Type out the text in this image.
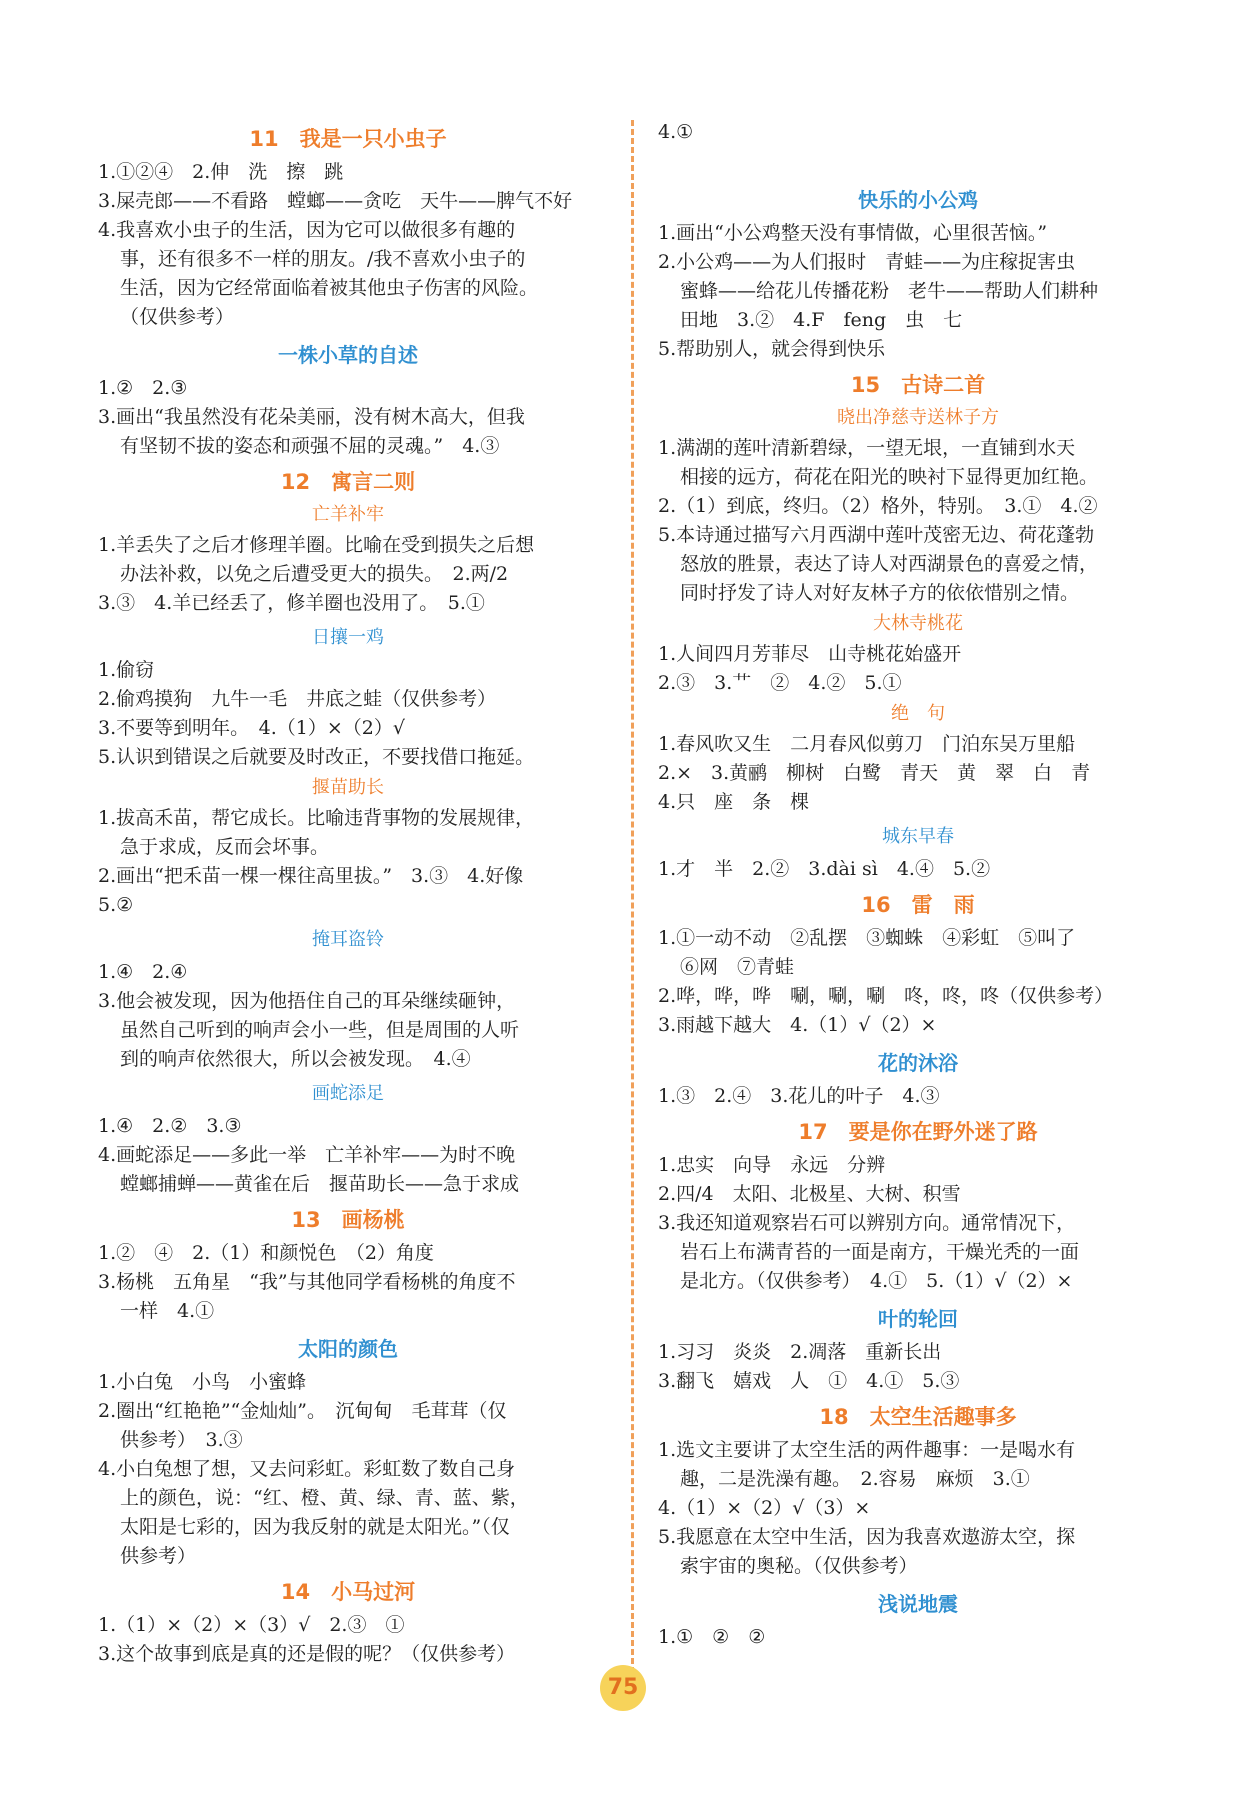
11　我是一只小虫子
1.①②④　2.伸　洗　擦　跳
3.屎壳郎——不看路　螳螂——贪吃　天牛——脾气不好
4.我喜欢小虫子的生活，因为它可以做很多有趣的
事，还有很多不一样的朋友。/我不喜欢小虫子的
生活，因为它经常面临着被其他虫子伤害的风险。
（仅供参考）
一株小草的自述
1.②　2.③
3.画出“我虽然没有花朵美丽，没有树木高大，但我
有坚韧不拔的姿态和顽强不屈的灵魂。”　4.③
12　寓言二则
亡羊补牢
1.羊丢失了之后才修理羊圈。比喻在受到损失之后想
办法补救，以免之后遭受更大的损失。　2.两/2
3.③　4.羊已经丢了，修羊圈也没用了。　5.①
日攘一鸡
1.偷窃
2.偷鸡摸狗　九牛一毛　井底之蛙（仅供参考）
3.不要等到明年。　4.（1）×（2）√
5.认识到错误之后就要及时改正，不要找借口拖延。
揠苗助长
1.拔高禾苗，帮它成长。比喻违背事物的发展规律，
急于求成，反而会坏事。
2.画出“把禾苗一棵一棵往高里拔。”　3.③　4.好像
5.②
掩耳盗铃
1.④　2.④
3.他会被发现，因为他捂住自己的耳朵继续砸钟，
虽然自己听到的响声会小一些，但是周围的人听
到的响声依然很大，所以会被发现。　4.④
画蛇添足
1.④　2.②　3.③
4.画蛇添足——多此一举　亡羊补牢——为时不晚
螳螂捕蝉——黄雀在后　揠苗助长——急于求成
13　画杨桃
1.②　④　2.（1）和颜悦色　（2）角度
3.杨桃　五角星　“我”与其他同学看杨桃的角度不
一样　4.①
太阳的颜色
1.小白兔　小鸟　小蜜蜂
2.圈出“红艳艳”“金灿灿”。　沉甸甸　毛茸茸（仅
供参考）　3.③
4.小白兔想了想，又去问彩虹。彩虹数了数自己身
上的颜色，说：“红、橙、黄、绿、青、蓝、紫，
太阳是七彩的，因为我反射的就是太阳光。”（仅
供参考）
14　小马过河
1.（1）×（2）×（3）√　2.③　①
3.这个故事到底是真的还是假的呢？（仅供参考）
4.①
快乐的小公鸡
1.画出“小公鸡整天没有事情做，心里很苦恼。”
2.小公鸡——为人们报时　青蛙——为庄稼捉害虫
蜜蜂——给花儿传播花粉　老牛——帮助人们耕种
田地　3.②　4.F　feng　虫　七
5.帮助别人，就会得到快乐
15　古诗二首
晓出净慈寺送林子方
1.满湖的莲叶清新碧绿，一望无垠，一直铺到水天
相接的远方，荷花在阳光的映衬下显得更加红艳。
2.（1）到底，终归。（2）格外，特别。　3.①　4.②
5.本诗通过描写六月西湖中莲叶茂密无边、荷花蓬勃
怒放的胜景，表达了诗人对西湖景色的喜爱之情，
同时抒发了诗人对好友林子方的依依惜别之情。
大林寺桃花
1.人间四月芳菲尽　山寺桃花始盛开
2.③　3.艹　②　4.②　5.①
绝　句
1.春风吹又生　二月春风似剪刀　门泊东吴万里船
2.×　3.黄鹂　柳树　白鹭　青天　黄　翠　白　青
4.只　座　条　棵
城东早春
1.才　半　2.②　3.dài sì　4.④　5.②
16　雷　雨
1.①一动不动　②乱摆　③蜘蛛　④彩虹　⑤叫了
⑥网　⑦青蛙
2.哗，哗，哗　唰，唰，唰　咚，咚，咚（仅供参考）
3.雨越下越大　4.（1）√（2）×
花的沐浴
1.③　2.④　3.花儿的叶子　4.③
17　要是你在野外迷了路
1.忠实　向导　永远　分辨
2.四/4　太阳、北极星、大树、积雪
3.我还知道观察岩石可以辨别方向。通常情况下，
岩石上布满青苔的一面是南方，干燥光秃的一面
是北方。（仅供参考）　4.①　5.（1）√（2）×
叶的轮回
1.习习　炎炎　2.凋落　重新长出
3.翻飞　嬉戏　人　①　4.①　5.③
18　太空生活趣事多
1.选文主要讲了太空生活的两件趣事：一是喝水有
趣，二是洗澡有趣。　2.容易　麻烦　3.①
4.（1）×（2）√（3）×
5.我愿意在太空中生活，因为我喜欢遨游太空，探
索宇宙的奥秘。（仅供参考）
浅说地震
1.①　②　②
75
